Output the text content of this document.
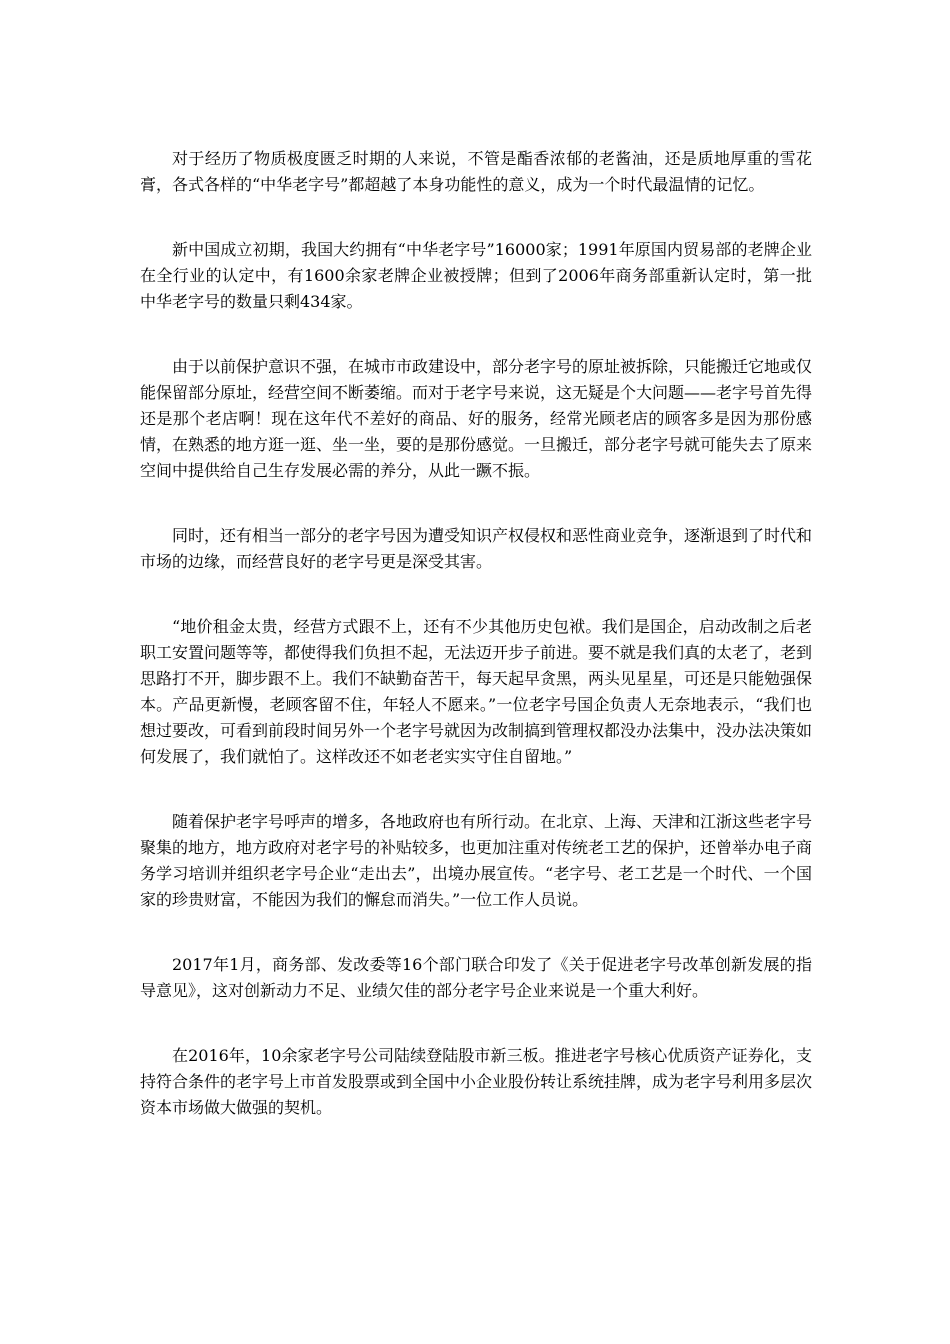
对于经历了物质极度匮乏时期的人来说，不管是酯香浓郁的老酱油，还是质地厚重的雪花膏，各式各样的“中华老字号”都超越了本身功能性的意义，成为一个时代最温情的记忆。

新中国成立初期，我国大约拥有“中华老字号”16000家；1991年原国内贸易部的老牌企业在全行业的认定中，有1600余家老牌企业被授牌；但到了2006年商务部重新认定时，第一批中华老字号的数量只剩434家。

由于以前保护意识不强，在城市市政建设中，部分老字号的原址被拆除，只能搬迁它地或仅能保留部分原址，经营空间不断萎缩。而对于老字号来说，这无疑是个大问题——老字号首先得还是那个老店啊！现在这年代不差好的商品、好的服务，经常光顾老店的顾客多是因为那份感情，在熟悉的地方逛一逛、坐一坐，要的是那份感觉。一旦搬迁，部分老字号就可能失去了原来空间中提供给自己生存发展必需的养分，从此一蹶不振。

同时，还有相当一部分的老字号因为遭受知识产权侵权和恶性商业竞争，逐渐退到了时代和市场的边缘，而经营良好的老字号更是深受其害。

“地价租金太贵，经营方式跟不上，还有不少其他历史包袱。我们是国企，启动改制之后老职工安置问题等等，都使得我们负担不起，无法迈开步子前进。要不就是我们真的太老了，老到思路打不开，脚步跟不上。我们不缺勤奋苦干，每天起早贪黑，两头见星星，可还是只能勉强保本。产品更新慢，老顾客留不住，年轻人不愿来。”一位老字号国企负责人无奈地表示，“我们也想过要改，可看到前段时间另外一个老字号就因为改制搞到管理权都没办法集中，没办法决策如何发展了，我们就怕了。这样改还不如老老实实守住自留地。”

随着保护老字号呼声的增多，各地政府也有所行动。在北京、上海、天津和江浙这些老字号聚集的地方，地方政府对老字号的补贴较多，也更加注重对传统老工艺的保护，还曾举办电子商务学习培训并组织老字号企业“走出去”，出境办展宣传。“老字号、老工艺是一个时代、一个国家的珍贵财富，不能因为我们的懈怠而消失。”一位工作人员说。

2017年1月，商务部、发改委等16个部门联合印发了《关于促进老字号改革创新发展的指导意见》，这对创新动力不足、业绩欠佳的部分老字号企业来说是一个重大利好。

在2016年，10余家老字号公司陆续登陆股市新三板。推进老字号核心优质资产证券化，支持符合条件的老字号上市首发股票或到全国中小企业股份转让系统挂牌，成为老字号利用多层次资本市场做大做强的契机。
